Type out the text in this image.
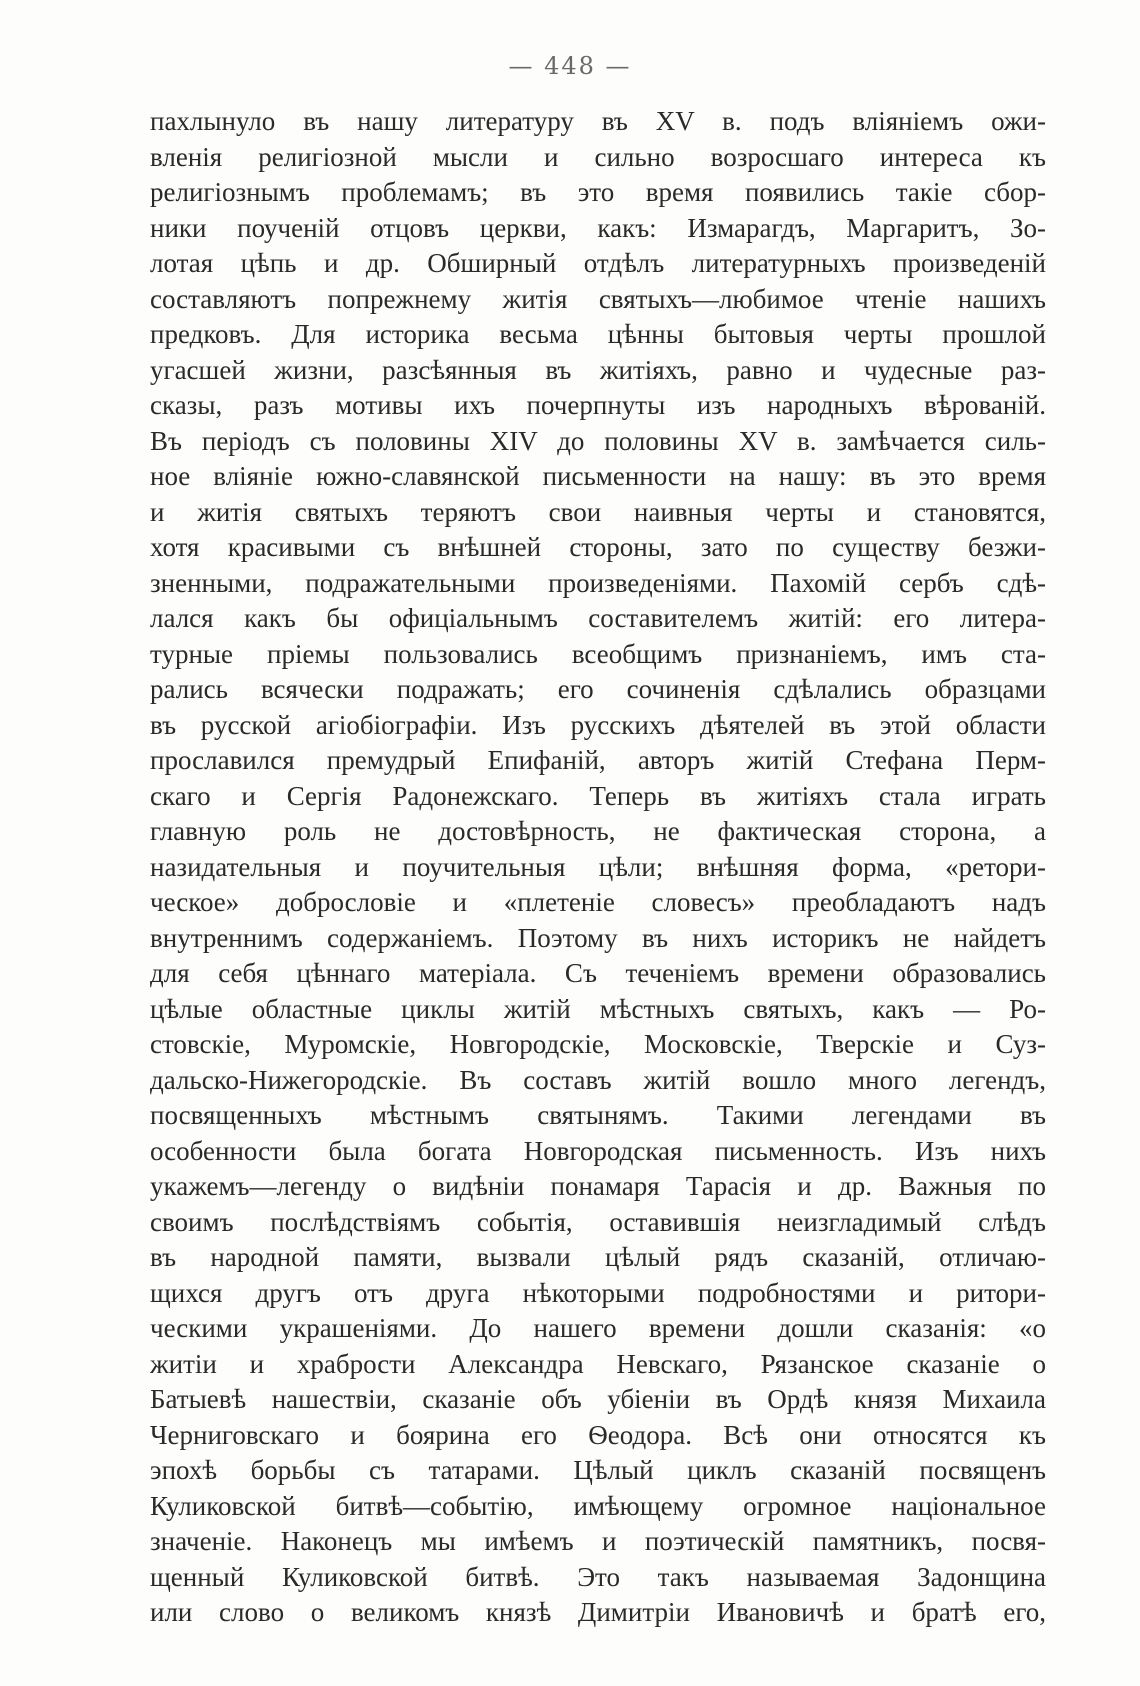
— 448 —
пахлынуло въ нашу литературу въ XV в. подъ вліяніемъ ожи-
вленія религіозной мысли и сильно возросшаго интереса къ
религіознымъ проблемамъ; въ это время появились такіе сбор-
ники поученій отцовъ церкви, какъ: Измарагдъ, Маргаритъ, Зо-
лотая цѣпь и др. Обширный отдѣлъ литературныхъ произведеній
составляютъ попрежнему житія святыхъ—любимое чтеніе нашихъ
предковъ. Для историка весьма цѣнны бытовыя черты прошлой
угасшей жизни, разсѣянныя въ житіяхъ, равно и чудесные раз-
сказы, разъ мотивы ихъ почерпнуты изъ народныхъ вѣрованій.
Въ періодъ съ половины XIV до половины XV в. замѣчается силь-
ное вліяніе южно-славянской письменности на нашу: въ это время
и житія святыхъ теряютъ свои наивныя черты и становятся,
хотя красивыми съ внѣшней стороны, зато по существу безжи-
зненными, подражательными произведеніями. Пахомій сербъ сдѣ-
лался какъ бы офиціальнымъ составителемъ житій: его литера-
турные пріемы пользовались всеобщимъ признаніемъ, имъ ста-
рались всячески подражать; его сочиненія сдѣлались образцами
въ русской агіобіографіи. Изъ русскихъ дѣятелей въ этой области
прославился премудрый Епифаній, авторъ житій Стефана Перм-
скаго и Сергія Радонежскаго. Теперь въ житіяхъ стала играть
главную роль не достовѣрность, не фактическая сторона, а
назидательныя и поучительныя цѣли; внѣшняя форма, «ретори-
ческое» добрословіе и «плетеніе словесъ» преобладаютъ надъ
внутреннимъ содержаніемъ. Поэтому въ нихъ историкъ не найдетъ
для себя цѣннаго матеріала. Съ теченіемъ времени образовались
цѣлые областные циклы житій мѣстныхъ святыхъ, какъ — Ро-
стовскіе, Муромскіе, Новгородскіе, Московскіе, Тверскіе и Суз-
дальско-Нижегородскіе. Въ составъ житій вошло много легендъ,
посвященныхъ мѣстнымъ святынямъ. Такими легендами въ
особенности была богата Новгородская письменность. Изъ нихъ
укажемъ—легенду о видѣніи понамаря Тарасія и др. Важныя по
своимъ послѣдствіямъ событія, оставившія неизгладимый слѣдъ
въ народной памяти, вызвали цѣлый рядъ сказаній, отличаю-
щихся другъ отъ друга нѣкоторыми подробностями и ритори-
ческими украшеніями. До нашего времени дошли сказанія: «о
житіи и храбрости Александра Невскаго, Рязанское сказаніе о
Батыевѣ нашествіи, сказаніе объ убіеніи въ Ордѣ князя Михаила
Черниговскаго и боярина его Ѳеодора. Всѣ они относятся къ
эпохѣ борьбы съ татарами. Цѣлый циклъ сказаній посвященъ
Куликовской битвѣ—событію, имѣющему огромное національное
значеніе. Наконецъ мы имѣемъ и поэтическій памятникъ, посвя-
щенный Куликовской битвѣ. Это такъ называемая Задонщина
или слово о великомъ князѣ Димитріи Ивановичѣ и братѣ его,
